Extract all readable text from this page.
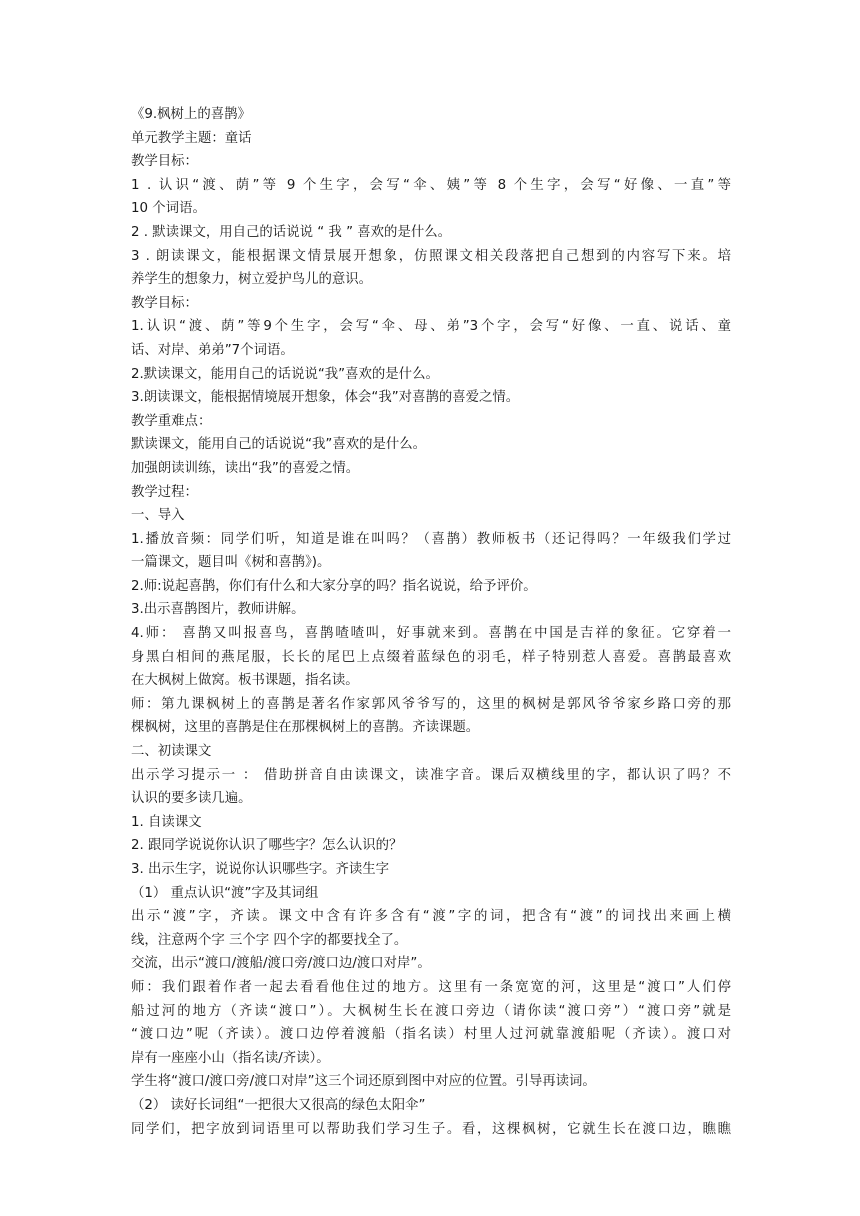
《9.枫树上的喜鹊》
单元教学主题：童话
教学目标：
1 . 认识“渡、荫”等 9 个生字，会写“伞、姨”等 8 个生字，会写“好像、一直”等
10 个词语。
2 . 默读课文，用自己的话说说 “ 我 ” 喜欢的是什么。
3 . 朗读课文，能根据课文情景展开想象，仿照课文相关段落把自己想到的内容写下来。培
养学生的想象力，树立爱护鸟儿的意识。
教学目标：
1.认识“渡、荫”等9个生字，会写“伞、母、弟”3个字，会写“好像、一直、说话、童
话、对岸、弟弟”7个词语。
2.默读课文，能用自己的话说说“我”喜欢的是什么。
3.朗读课文，能根据情境展开想象，体会“我”对喜鹊的喜爱之情。
教学重难点：
默读课文，能用自己的话说说“我”喜欢的是什么。
加强朗读训练，读出“我”的喜爱之情。
教学过程：
一、导入
1.播放音频：同学们听，知道是谁在叫吗？（喜鹊）教师板书（还记得吗？一年级我们学过
一篇课文，题目叫《树和喜鹊》)。
2.师:说起喜鹊，你们有什么和大家分享的吗？指名说说，给予评价。
3.出示喜鹊图片，教师讲解。
4.师： 喜鹊又叫报喜鸟，喜鹊喳喳叫，好事就来到。喜鹊在中国是吉祥的象征。它穿着一
身黑白相间的燕尾服，长长的尾巴上点缀着蓝绿色的羽毛，样子特别惹人喜爱。喜鹊最喜欢
在大枫树上做窝。板书课题，指名读。
师：第九课枫树上的喜鹊是著名作家郭风爷爷写的，这里的枫树是郭风爷爷家乡路口旁的那
棵枫树，这里的喜鹊是住在那棵枫树上的喜鹊。齐读课题。
二、初读课文
出示学习提示一 ： 借助拼音自由读课文，读准字音。课后双横线里的字，都认识了吗？不
认识的要多读几遍。
1. 自读课文
2. 跟同学说说你认识了哪些字？怎么认识的？
3. 出示生字，说说你认识哪些字。齐读生字
（1） 重点认识“渡”字及其词组
出示“渡”字，齐读。课文中含有许多含有“渡”字的词，把含有“渡”的词找出来画上横
线，注意两个字 三个字 四个字的都要找全了。
交流，出示“渡口/渡船/渡口旁/渡口边/渡口对岸”。
师：我们跟着作者一起去看看他住过的地方。这里有一条宽宽的河，这里是“渡口”人们停
船过河的地方（齐读“渡口”）。大枫树生长在渡口旁边（请你读“渡口旁”）“渡口旁”就是
“渡口边”呢（齐读）。渡口边停着渡船（指名读）村里人过河就靠渡船呢（齐读）。渡口对
岸有一座座小山（指名读/齐读）。
学生将“渡口/渡口旁/渡口对岸”这三个词还原到图中对应的位置。引导再读词。
（2） 读好长词组“一把很大又很高的绿色太阳伞”
同学们，把字放到词语里可以帮助我们学习生子。看，这棵枫树，它就生长在渡口边，瞧瞧
